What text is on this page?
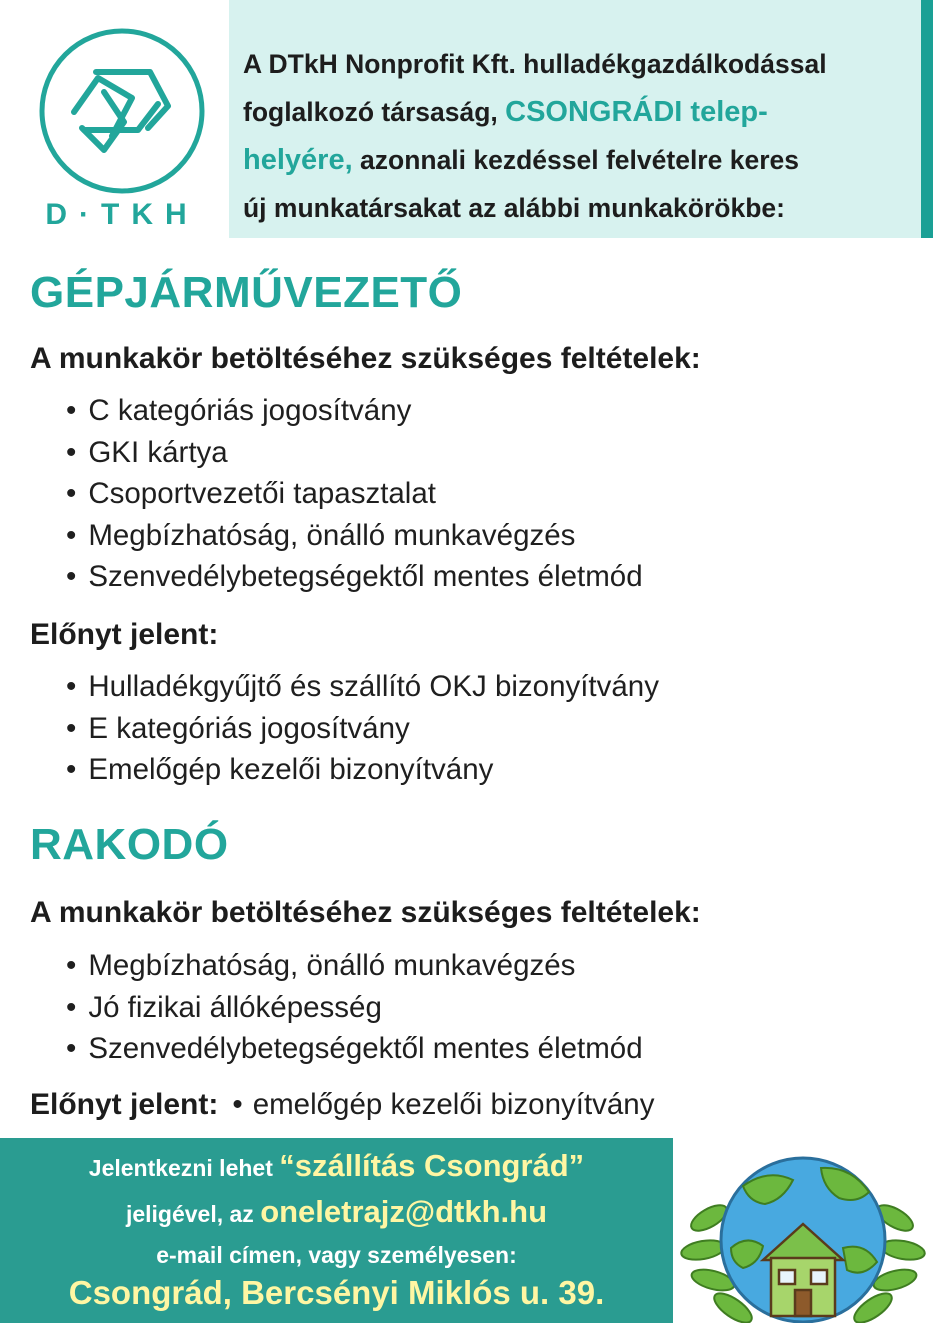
D·TKH
A DTkH Nonprofit Kft. hulladékgazdálkodással
foglalkozó társaság, CSONGRÁDI telep-
helyére, azonnali kezdéssel felvételre keres
új munkatársakat az alábbi munkakörökbe:
GÉPJÁRMŰVEZETŐ
A munkakör betöltéséhez szükséges feltételek:
• C kategóriás jogosítvány
• GKI kártya
• Csoportvezetői tapasztalat
• Megbízhatóság, önálló munkavégzés
• Szenvedélybetegségektől mentes életmód
Előnyt jelent:
• Hulladékgyűjtő és szállító OKJ bizonyítvány
• E kategóriás jogosítvány
• Emelőgép kezelői bizonyítvány
RAKODÓ
A munkakör betöltéséhez szükséges feltételek:
• Megbízhatóság, önálló munkavégzés
• Jó fizikai állóképesség
• Szenvedélybetegségektől mentes életmód

Előnyt jelent: • emelőgép kezelői bizonyítvány

Jelentkezni lehet “szállítás Csongrád”
jeligével, az oneletrajz@dtkh.hu
e-mail címen, vagy személyesen:
Csongrád, Bercsényi Miklós u. 39.
